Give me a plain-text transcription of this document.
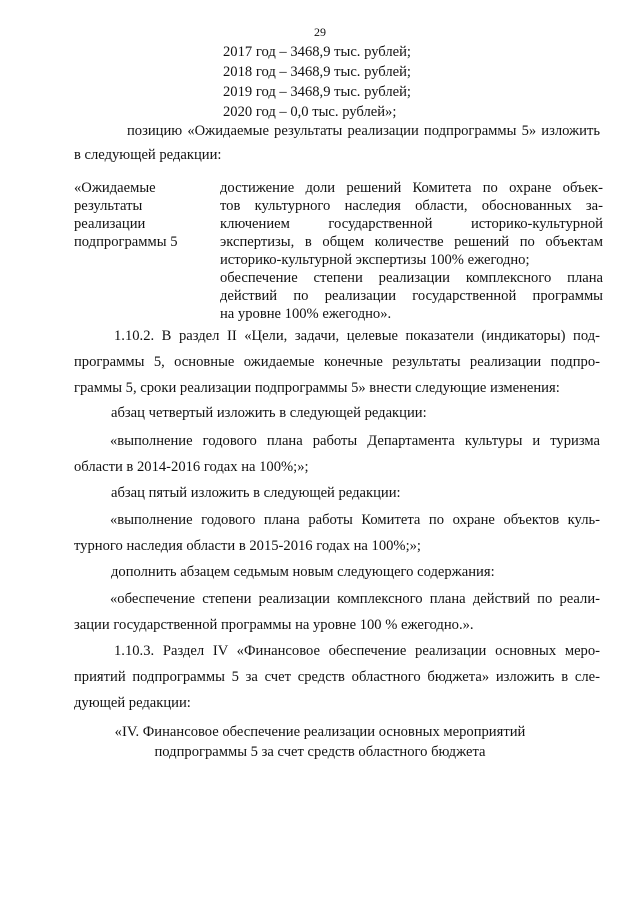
29
2017 год – 3468,9 тыс. рублей;
2018 год – 3468,9 тыс. рублей;
2019 год – 3468,9 тыс. рублей;
2020 год – 0,0 тыс. рублей»;
позицию «Ожидаемые результаты реализации подпрограммы 5» изложить
в следующей редакции:
«Ожидаемые
результаты
реализации
подпрограммы 5
достижение доли решений Комитета по охране объек-
тов культурного наследия области, обоснованных за-
ключением государственной историко-культурной
экспертизы, в общем количестве решений по объектам
историко-культурной экспертизы 100% ежегодно;
обеспечение степени реализации комплексного плана
действий по реализации государственной программы
на уровне 100% ежегодно».
1.10.2. В раздел II «Цели, задачи, целевые показатели (индикаторы) под-
программы 5, основные ожидаемые конечные результаты реализации подпро-
граммы 5, сроки реализации подпрограммы 5» внести следующие изменения:
абзац четвертый изложить в следующей редакции:
«выполнение годового плана работы Департамента культуры и туризма
области в 2014-2016 годах на 100%;»;
абзац пятый изложить в следующей редакции:
«выполнение годового плана работы Комитета по охране объектов куль-
турного наследия области в 2015-2016 годах на 100%;»;
дополнить абзацем седьмым новым следующего содержания:
«обеспечение степени реализации комплексного плана действий по реали-
зации государственной программы на уровне 100 % ежегодно.».
1.10.3. Раздел IV «Финансовое обеспечение реализации основных меро-
приятий подпрограммы 5 за счет средств областного бюджета» изложить в сле-
дующей редакции:
«IV. Финансовое обеспечение реализации основных мероприятий
подпрограммы 5 за счет средств областного бюджета
